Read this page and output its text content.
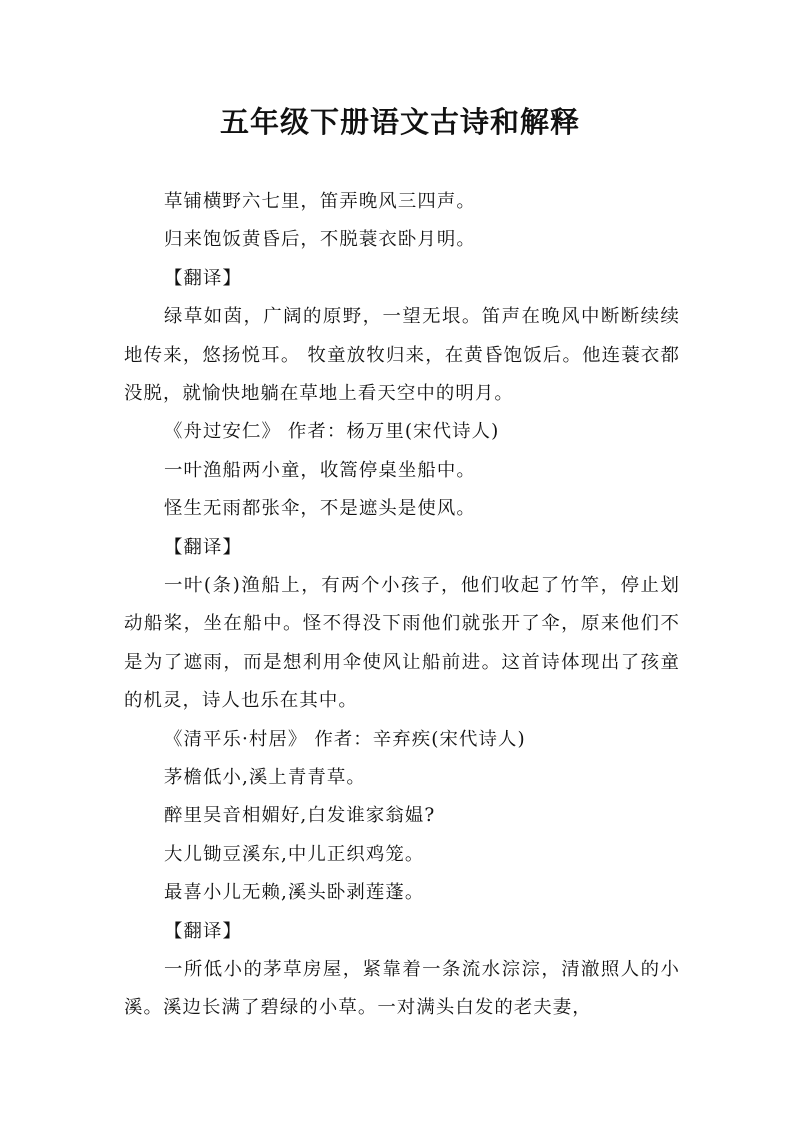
五年级下册语文古诗和解释
草铺横野六七里，笛弄晚风三四声。
归来饱饭黄昏后，不脱蓑衣卧月明。
【翻译】
绿草如茵，广阔的原野，一望无垠。笛声在晚风中断断续续地传来，悠扬悦耳。 牧童放牧归来，在黄昏饱饭后。他连蓑衣都没脱，就愉快地躺在草地上看天空中的明月。
《舟过安仁》 作者：杨万里(宋代诗人)
一叶渔船两小童，收篙停桌坐船中。
怪生无雨都张伞，不是遮头是使风。
【翻译】
一叶(条)渔船上，有两个小孩子，他们收起了竹竿，停止划动船桨，坐在船中。怪不得没下雨他们就张开了伞，原来他们不是为了遮雨，而是想利用伞使风让船前进。这首诗体现出了孩童的机灵，诗人也乐在其中。
《清平乐·村居》 作者：辛弃疾(宋代诗人)
茅檐低小,溪上青青草。
醉里吴音相媚好,白发谁家翁媪?
大儿锄豆溪东,中儿正织鸡笼。
最喜小儿无赖,溪头卧剥莲蓬。
【翻译】
一所低小的茅草房屋，紧靠着一条流水淙淙，清澈照人的小溪。溪边长满了碧绿的小草。一对满头白发的老夫妻，
